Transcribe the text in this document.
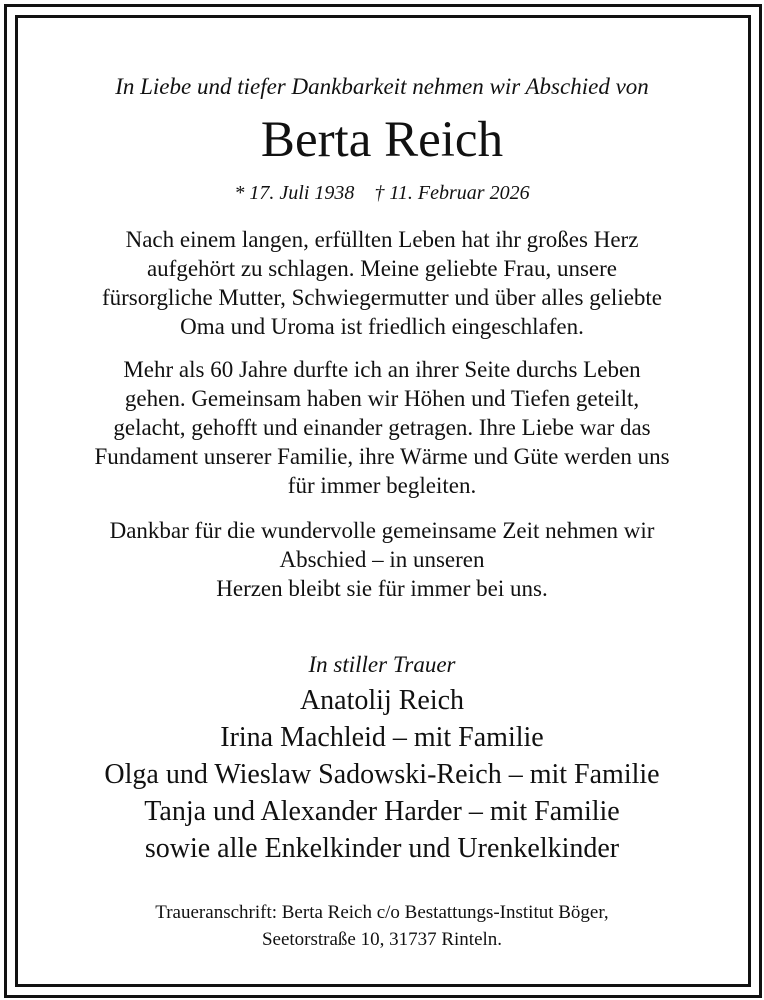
In Liebe und tiefer Dankbarkeit nehmen wir Abschied von
Berta Reich
* 17. Juli 1938 † 11. Februar 2026

Nach einem langen, erfüllten Leben hat ihr großes Herz

aufgehört zu schlagen. Meine geliebte Frau, unsere

fürsorgliche Mutter, Schwiegermutter und über alles geliebte

Oma und Uroma ist friedlich eingeschlafen.

Mehr als 60 Jahre durfte ich an ihrer Seite durchs Leben

gehen. Gemeinsam haben wir Höhen und Tiefen geteilt,

gelacht, gehofft und einander getragen. Ihre Liebe war das

Fundament unserer Familie, ihre Wärme und Güte werden uns

für immer begleiten.

Dankbar für die wundervolle gemeinsame Zeit nehmen wir

Abschied – in unseren

Herzen bleibt sie für immer bei uns.

In stiller Trauer
Anatolij Reich
Irina Machleid – mit Familie
Olga und Wieslaw Sadowski-Reich – mit Familie
Tanja und Alexander Harder – mit Familie
sowie alle Enkelkinder und Urenkelkinder
Traueranschrift: Berta Reich c/o Bestattungs-Institut Böger,
Seetorstraße 10, 31737 Rinteln.
